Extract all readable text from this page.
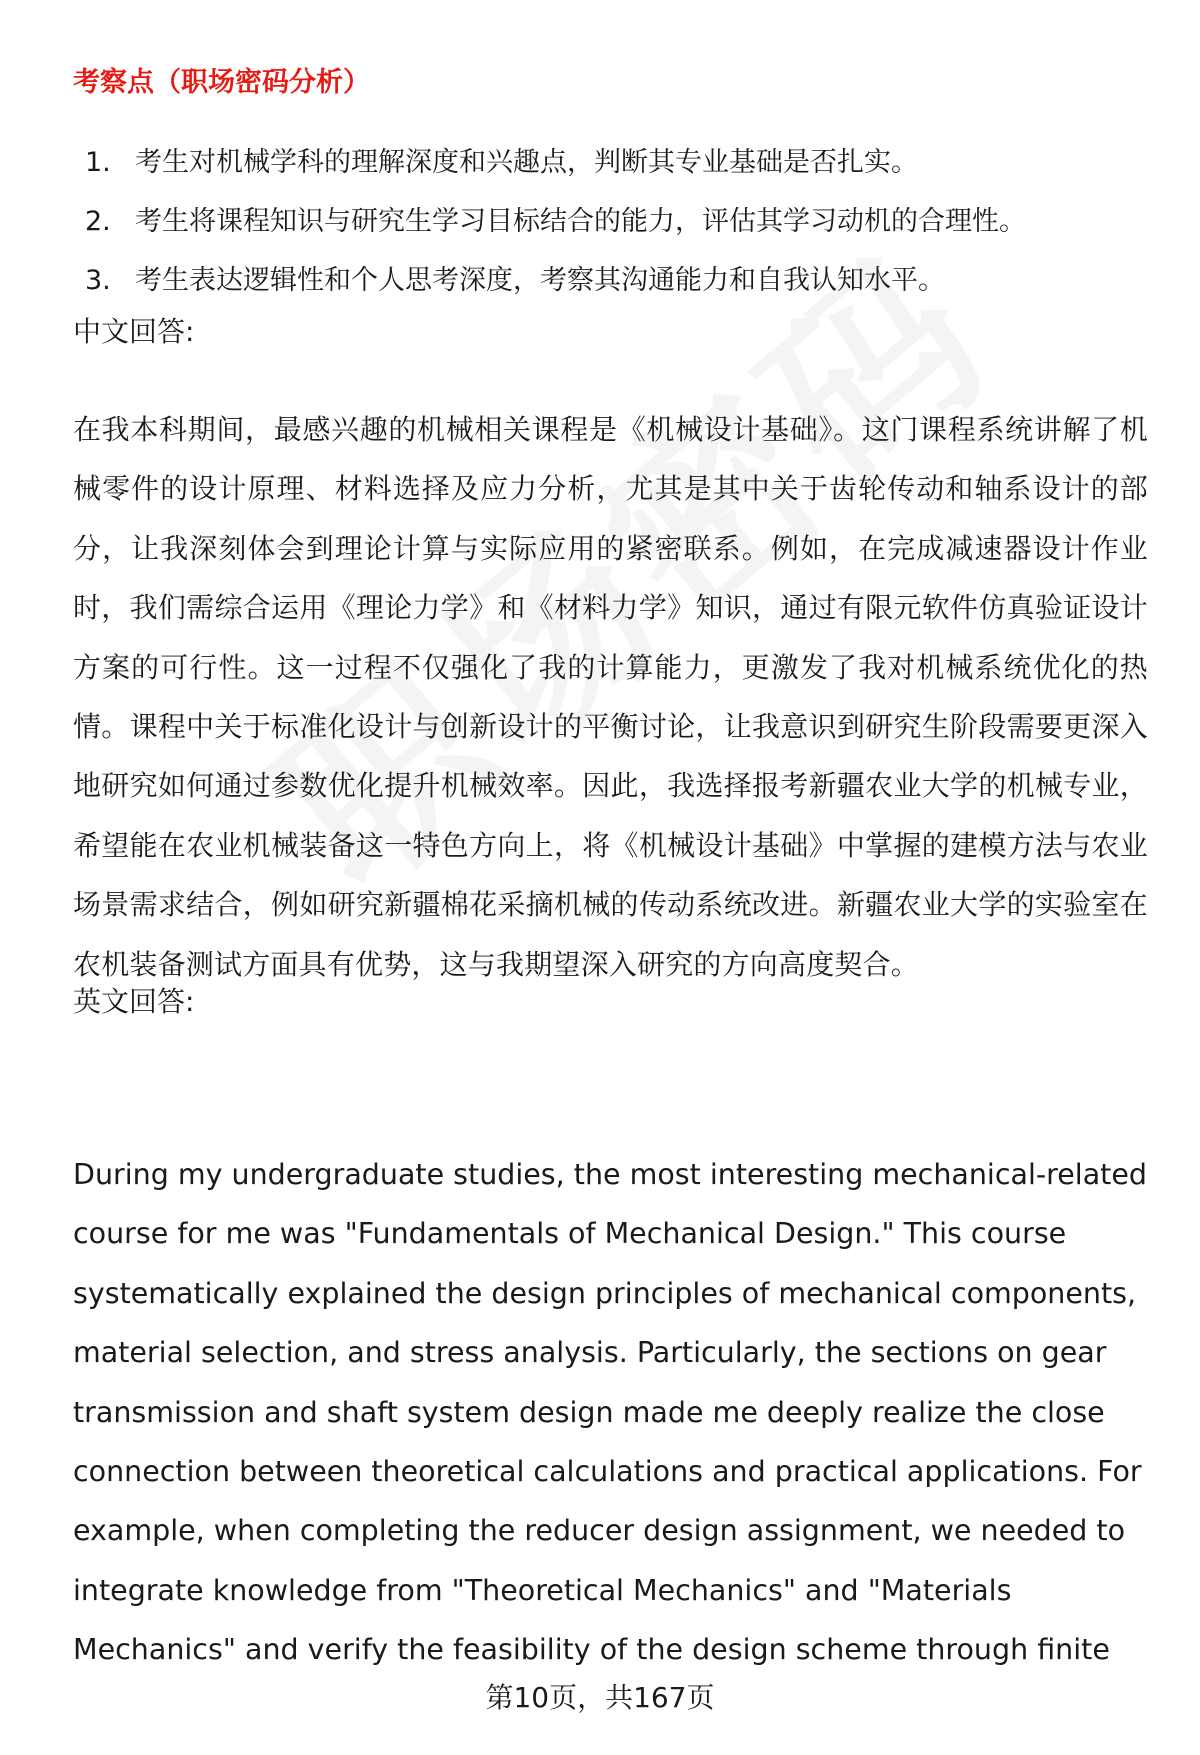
考察点（职场密码分析）
1. 考生对机械学科的理解深度和兴趣点，判断其专业基础是否扎实。
2. 考生将课程知识与研究生学习目标结合的能力，评估其学习动机的合理性。
3. 考生表达逻辑性和个人思考深度，考察其沟通能力和自我认知水平。

中文回答:

在我本科期间，最感兴趣的机械相关课程是《机械设计基础》。这门课程系统讲解了机械零件的设计原理、材料选择及应力分析，尤其是其中关于齿轮传动和轴系设计的部分，让我深刻体会到理论计算与实际应用的紧密联系。例如，在完成减速器设计作业时，我们需综合运用《理论力学》和《材料力学》知识，通过有限元软件仿真验证设计方案的可行性。这一过程不仅强化了我的计算能力，更激发了我对机械系统优化的热情。课程中关于标准化设计与创新设计的平衡讨论，让我意识到研究生阶段需要更深入地研究如何通过参数优化提升机械效率。因此，我选择报考新疆农业大学的机械专业，希望能在农业机械装备这一特色方向上，将《机械设计基础》中掌握的建模方法与农业场景需求结合，例如研究新疆棉花采摘机械的传动系统改进。新疆农业大学的实验室在农机装备测试方面具有优势，这与我期望深入研究的方向高度契合。

英文回答:

During my undergraduate studies, the most interesting mechanical-related
course for me was "Fundamentals of Mechanical Design." This course
systematically explained the design principles of mechanical components,
material selection, and stress analysis. Particularly, the sections on gear
transmission and shaft system design made me deeply realize the close
connection between theoretical calculations and practical applications. For
example, when completing the reducer design assignment, we needed to
integrate knowledge from "Theoretical Mechanics" and "Materials
Mechanics" and verify the feasibility of the design scheme through finite

第10页，共167页
